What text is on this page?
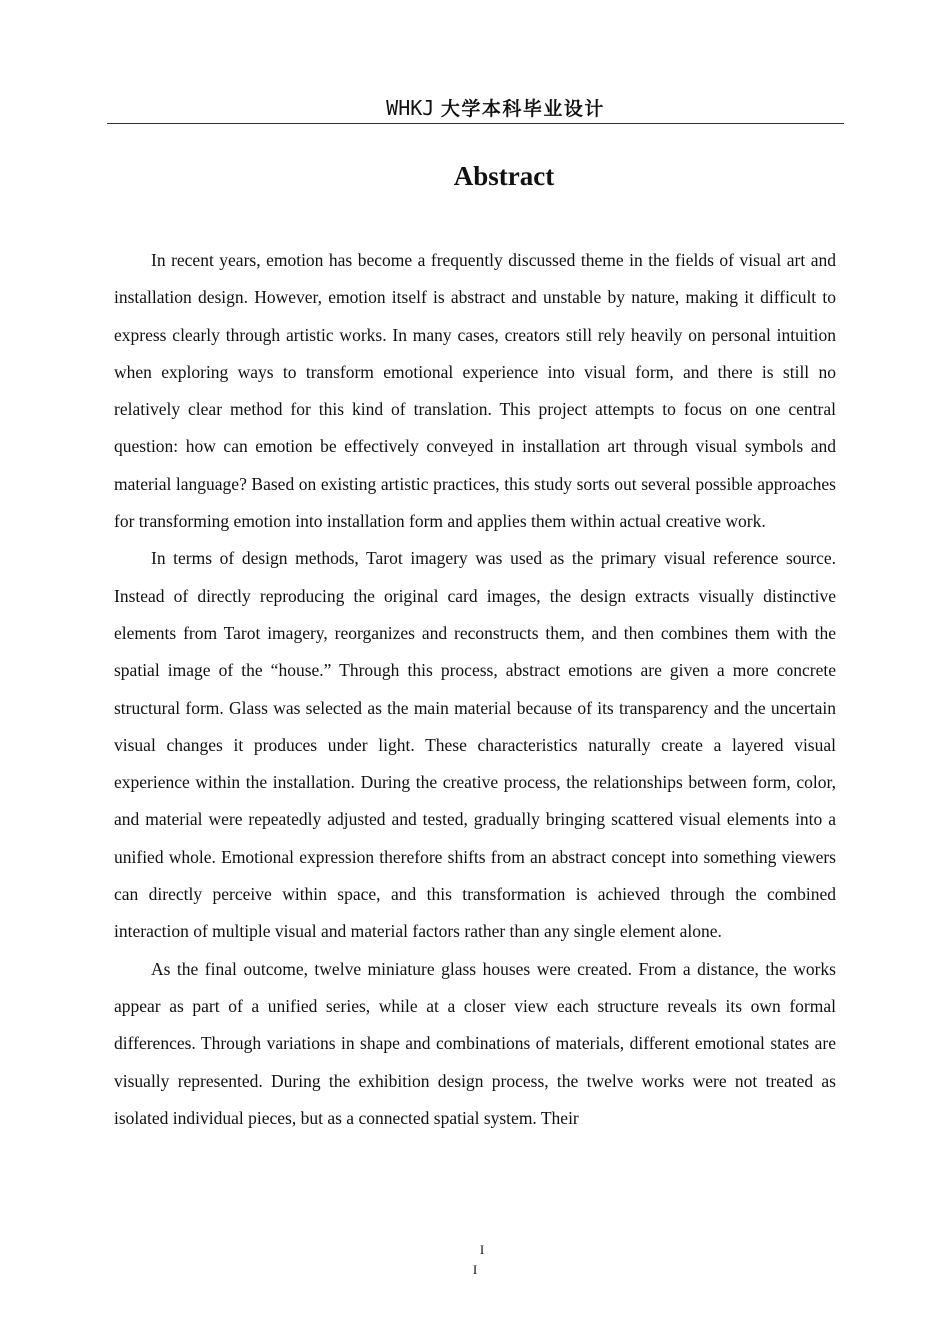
WHKJ 大学本科毕业设计
Abstract

In recent years, emotion has become a frequently discussed theme in the fields of visual art and installation design. However, emotion itself is abstract and unstable by nature, making it difficult to express clearly through artistic works. In many cases, creators still rely heavily on personal intuition when exploring ways to transform emotional experience into visual form, and there is still no relatively clear method for this kind of translation. This project attempts to focus on one central question: how can emotion be effectively conveyed in installation art through visual symbols and material language? Based on existing artistic practices, this study sorts out several possible approaches for transforming emotion into installation form and applies them within actual creative work.

In terms of design methods, Tarot imagery was used as the primary visual reference source. Instead of directly reproducing the original card images, the design extracts visually distinctive elements from Tarot imagery, reorganizes and reconstructs them, and then combines them with the spatial image of the “house.” Through this process, abstract emotions are given a more concrete structural form. Glass was selected as the main material because of its transparency and the uncertain visual changes it produces under light. These characteristics naturally create a layered visual experience within the installation. During the creative process, the relationships between form, color, and material were repeatedly adjusted and tested, gradually bringing scattered visual elements into a unified whole. Emotional expression therefore shifts from an abstract concept into something viewers can directly perceive within space, and this transformation is achieved through the combined interaction of multiple visual and material factors rather than any single element alone.

As the final outcome, twelve miniature glass houses were created. From a distance, the works appear as part of a unified series, while at a closer view each structure reveals its own formal differences. Through variations in shape and combinations of materials, different emotional states are visually represented. During the exhibition design process, the twelve works were not treated as isolated individual pieces, but as a connected spatial system. Their

I
I
